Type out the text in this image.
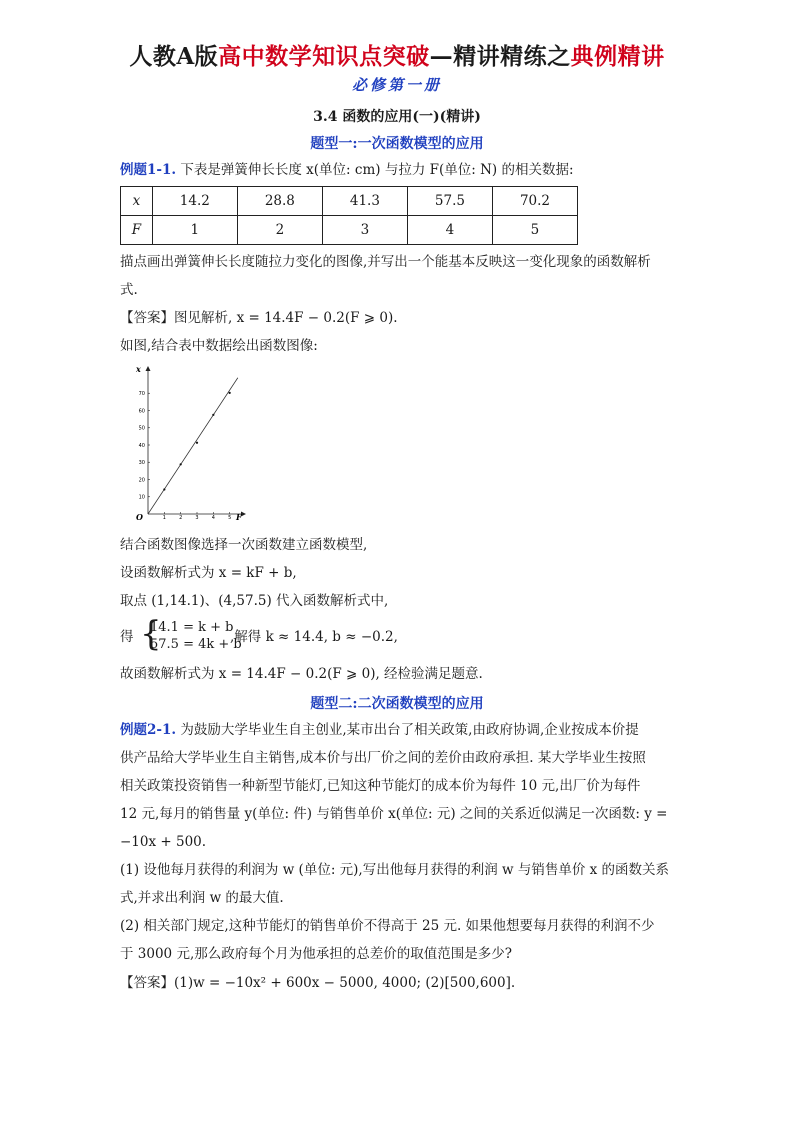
人教A版高中数学知识点突破—精讲精练之典例精讲
必修第一册
3.4 函数的应用(一)(精讲)
题型一:一次函数模型的应用
例题1-1. 下表是弹簧伸长长度 x(单位: cm) 与拉力 F(单位: N) 的相关数据:
x	14.2	28.8	41.3	57.5	70.2
F	1	2	3	4	5
描点画出弹簧伸长长度随拉力变化的图像,并写出一个能基本反映这一变化现象的函数解析
式.
【答案】图见解析, x = 14.4F − 0.2(F ⩾ 0).
如图,结合表中数据绘出函数图像:
F
x
O	1	2	3	4	5
10
20
30
40
50
60
70
结合函数图像选择一次函数建立函数模型,
设函数解析式为 x = kF + b,
取点 (1,14.1)、(4,57.5) 代入函数解析式中,
得 {
14.1 = k + b
57.5 = 4k + b
,解得 k ≈ 14.4, b ≈ −0.2,
故函数解析式为 x = 14.4F − 0.2(F ⩾ 0), 经检验满足题意.
题型二:二次函数模型的应用
例题2-1. 为鼓励大学毕业生自主创业,某市出台了相关政策,由政府协调,企业按成本价提
供产品给大学毕业生自主销售,成本价与出厂价之间的差价由政府承担. 某大学毕业生按照
相关政策投资销售一种新型节能灯,已知这种节能灯的成本价为每件 10 元,出厂价为每件
12 元,每月的销售量 y(单位: 件) 与销售单价 x(单位: 元) 之间的关系近似满足一次函数: y =
−10x + 500.
(1) 设他每月获得的利润为 w (单位: 元),写出他每月获得的利润 w 与销售单价 x 的函数关系
式,并求出利润 w 的最大值.
(2) 相关部门规定,这种节能灯的销售单价不得高于 25 元. 如果他想要每月获得的利润不少
于 3000 元,那么政府每个月为他承担的总差价的取值范围是多少?
【答案】(1)w = −10x² + 600x − 5000, 4000; (2)[500,600].
